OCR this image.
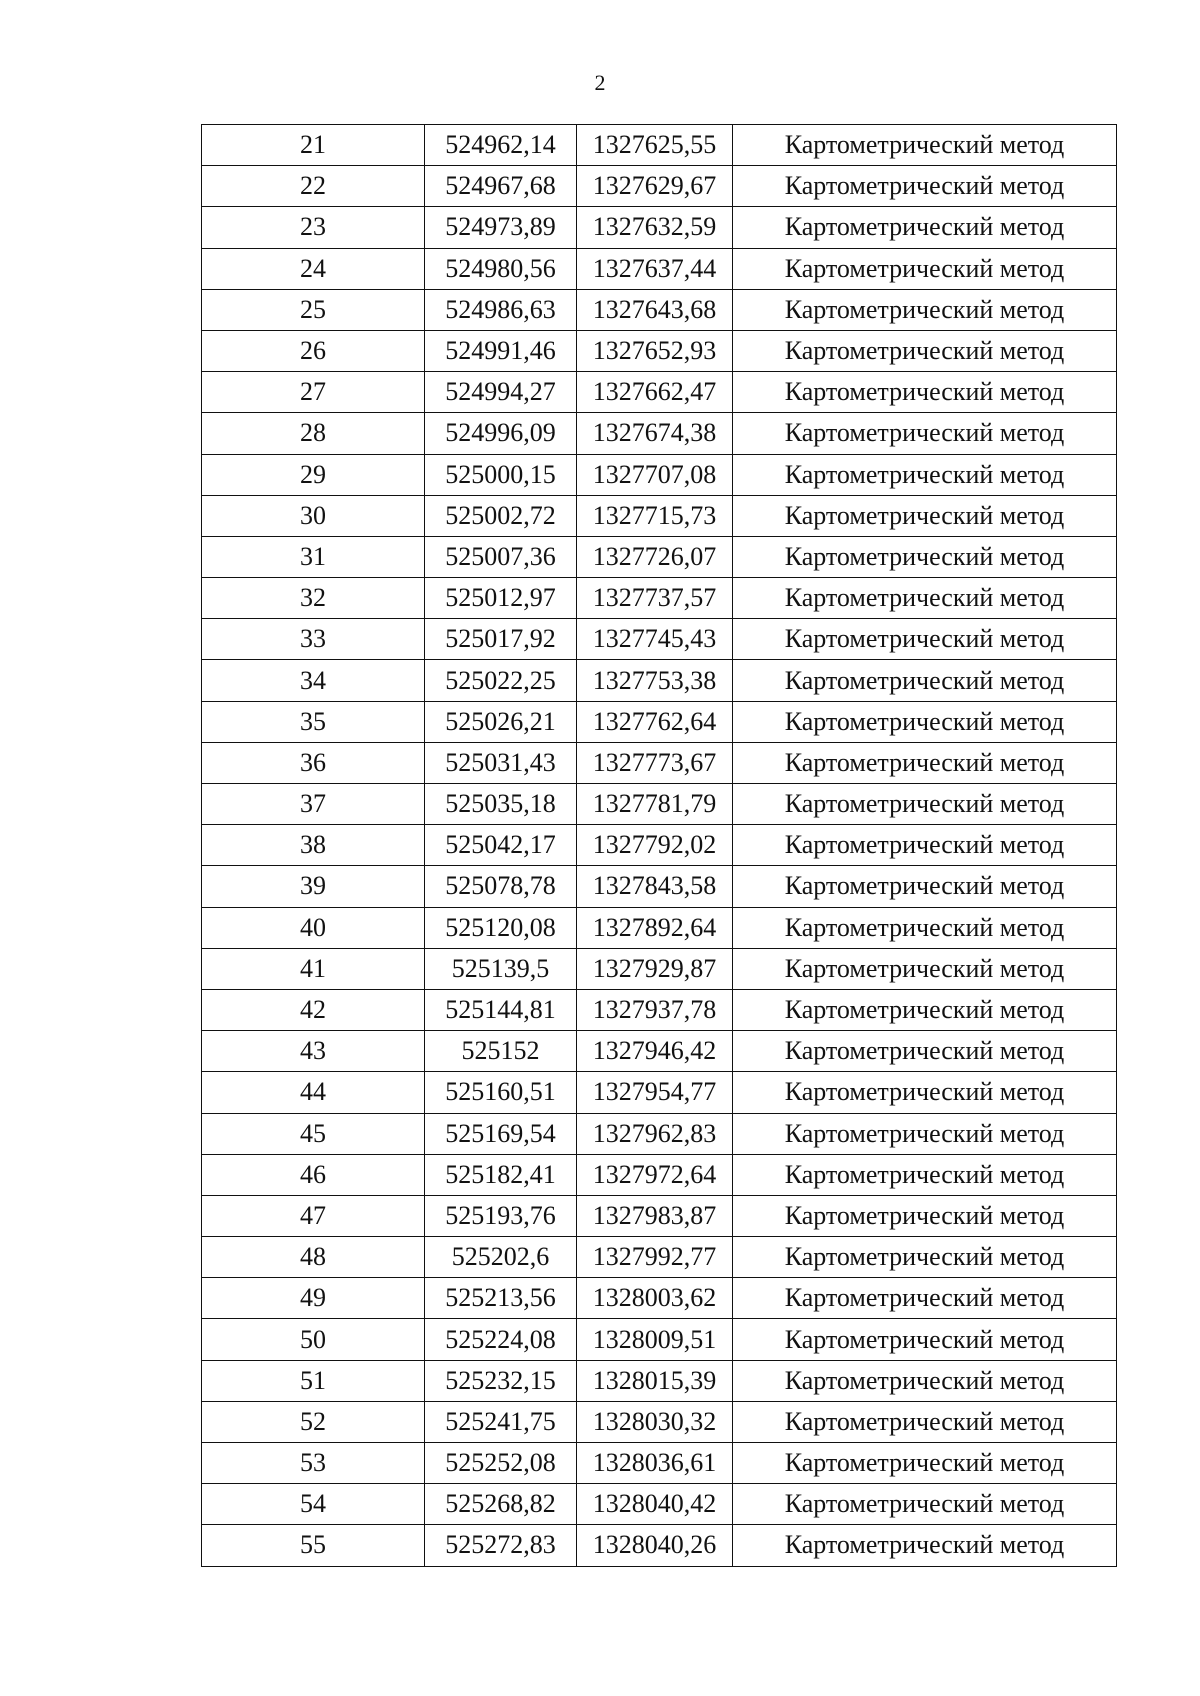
2
21	524962,14	1327625,55	Картометрический метод
22	524967,68	1327629,67	Картометрический метод
23	524973,89	1327632,59	Картометрический метод
24	524980,56	1327637,44	Картометрический метод
25	524986,63	1327643,68	Картометрический метод
26	524991,46	1327652,93	Картометрический метод
27	524994,27	1327662,47	Картометрический метод
28	524996,09	1327674,38	Картометрический метод
29	525000,15	1327707,08	Картометрический метод
30	525002,72	1327715,73	Картометрический метод
31	525007,36	1327726,07	Картометрический метод
32	525012,97	1327737,57	Картометрический метод
33	525017,92	1327745,43	Картометрический метод
34	525022,25	1327753,38	Картометрический метод
35	525026,21	1327762,64	Картометрический метод
36	525031,43	1327773,67	Картометрический метод
37	525035,18	1327781,79	Картометрический метод
38	525042,17	1327792,02	Картометрический метод
39	525078,78	1327843,58	Картометрический метод
40	525120,08	1327892,64	Картометрический метод
41	525139,5	1327929,87	Картометрический метод
42	525144,81	1327937,78	Картометрический метод
43	525152	1327946,42	Картометрический метод
44	525160,51	1327954,77	Картометрический метод
45	525169,54	1327962,83	Картометрический метод
46	525182,41	1327972,64	Картометрический метод
47	525193,76	1327983,87	Картометрический метод
48	525202,6	1327992,77	Картометрический метод
49	525213,56	1328003,62	Картометрический метод
50	525224,08	1328009,51	Картометрический метод
51	525232,15	1328015,39	Картометрический метод
52	525241,75	1328030,32	Картометрический метод
53	525252,08	1328036,61	Картометрический метод
54	525268,82	1328040,42	Картометрический метод
55	525272,83	1328040,26	Картометрический метод
